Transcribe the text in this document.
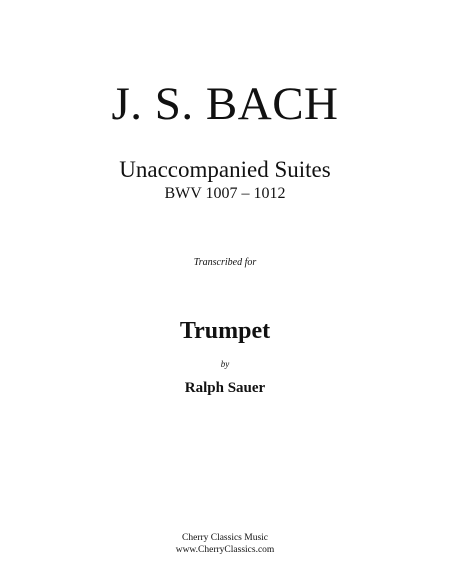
J. S. BACH
Unaccompanied Suites
BWV 1007 – 1012
Transcribed for
Trumpet
by
Ralph Sauer
Cherry Classics Music
www.CherryClassics.com
